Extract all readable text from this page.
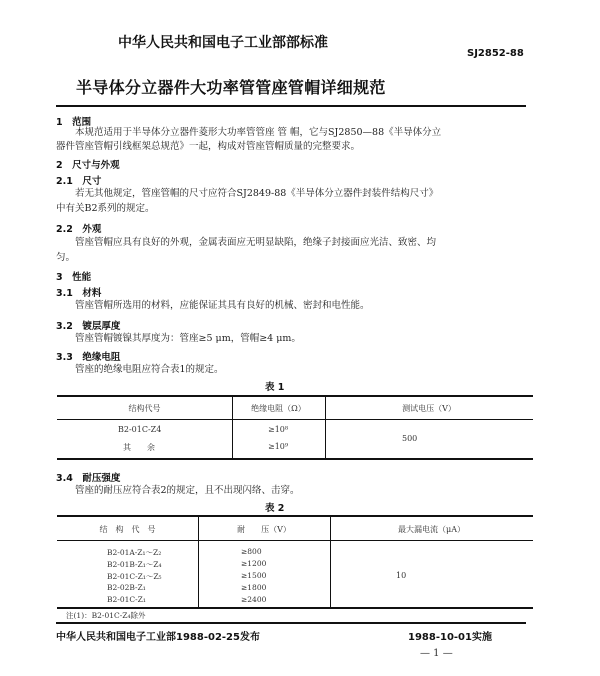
中华人民共和国电子工业部部标准
SJ2852-88
半导体分立器件大功率管管座管帽详细规范
1　 范围
本规范适用于半导体分立器件菱形大功率管管座 管 帽，它与SJ2850—88《半导体分立
器件管座管帽引线框架总规范》一起，构成对管座管帽质量的完整要求。
2　 尺寸与外观
2.1　 尺寸
若无其他规定，管座管帽的尺寸应符合SJ2849-88《半导体分立器件封装件结构尺寸》
中有关B2系列的规定。
2.2　 外观
管座管帽应具有良好的外观，金属表面应无明显缺陷，绝缘子封接面应光洁、致密、均
匀。
3　 性能
3.1　 材料
管座管帽所选用的材料，应能保证其具有良好的机械、密封和电性能。
3.2　 镀层厚度
管座管帽镀镍其厚度为：管座≥5 μm，管帽≥4 μm。
3.3　 绝缘电阻
管座的绝缘电阻应符合表1的规定。
表 1
结构代号	绝缘电阻（Ω）	测试电压（V）
B2-01C-Z4	≥10⁸
其　　余	≥10⁹
500
3.4　 耐压强度
管座的耐压应符合表2的规定，且不出现闪络、击穿。
表 2
结　构　代　号	耐　　压（V）	最大漏电流（μA）
B2-01A-Z₁～Z₂	≥800
B2-01B-Z₁～Z₄	≥1200
B2-01C-Z₁～Z₅	≥1500
B2-02B-Z₁	≥1800
B2-01C-Z₁	≥2400
10
注(1)：B2-01C-Z₄除外
中华人民共和国电子工业部1988-02-25发布	1988-10-01实施
— 1 —
